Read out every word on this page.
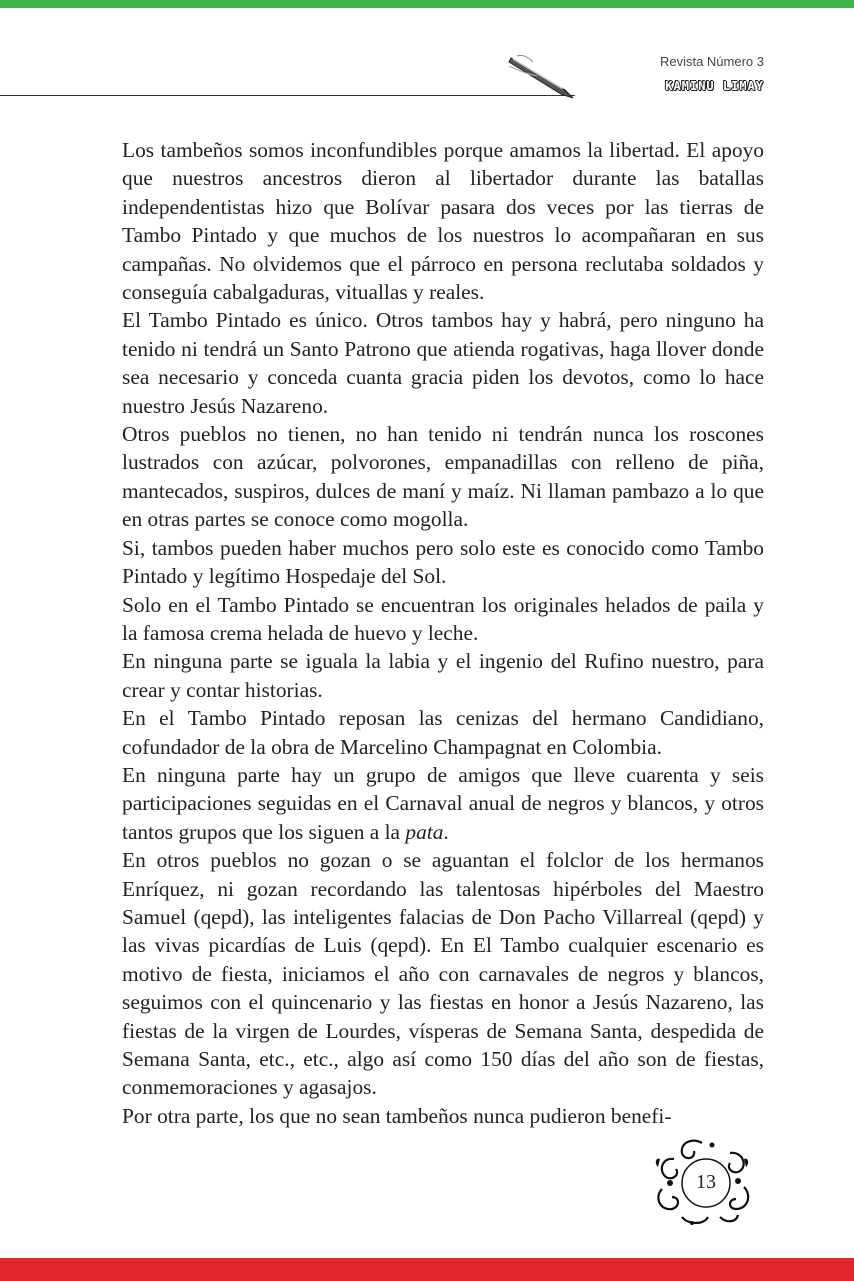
Revista Número 3
KAMINU LIMAY

Los tambeños somos inconfundibles porque amamos la libertad. El apoyo que nuestros ancestros dieron al libertador durante las batallas independentistas hizo que Bolívar pasara dos veces por las tierras de Tambo Pintado y que muchos de los nuestros lo acompañaran en sus campañas. No olvidemos que el párroco en persona reclutaba soldados y conseguía cabalgaduras, vituallas y reales.

El Tambo Pintado es único. Otros tambos hay y habrá, pero ninguno ha tenido ni tendrá un Santo Patrono que atienda rogativas, haga llover donde sea necesario y conceda cuanta gracia piden los devotos, como lo hace nuestro Jesús Nazareno.

Otros pueblos no tienen, no han tenido ni tendrán nunca los roscones lustrados con azúcar, polvorones, empanadillas con relleno de piña, mantecados, suspiros, dulces de maní y maíz. Ni llaman pambazo a lo que en otras partes se conoce como mogolla.

Si, tambos pueden haber muchos pero solo este es conocido como Tambo Pintado y legítimo Hospedaje del Sol.

Solo en el Tambo Pintado se encuentran los originales helados de paila y la famosa crema helada de huevo y leche.

En ninguna parte se iguala la labia y el ingenio del Rufino nuestro, para crear y contar historias.

En el Tambo Pintado reposan las cenizas del hermano Candidiano, cofundador de la obra de Marcelino Champagnat en Colombia.

En ninguna parte hay un grupo de amigos que lleve cuarenta y seis participaciones seguidas en el Carnaval anual de negros y blancos, y otros tantos grupos que los siguen a la pata.

En otros pueblos no gozan o se aguantan el folclor de los hermanos Enríquez, ni gozan recordando las talentosas hipérboles del Maestro Samuel (qepd), las inteligentes falacias de Don Pacho Villarreal (qepd) y las vivas picardías de Luis (qepd). En El Tambo cualquier escenario es motivo de fiesta, iniciamos el año con carnavales de negros y blancos, seguimos con el quincenario y las fiestas en honor a Jesús Nazareno, las fiestas de la virgen de Lourdes, vísperas de Semana Santa, despedida de Semana Santa, etc., etc., algo así como 150 días del año son de fiestas, conmemoraciones y agasajos.

Por otra parte, los que no sean tambeños nunca pudieron benefi-

13
